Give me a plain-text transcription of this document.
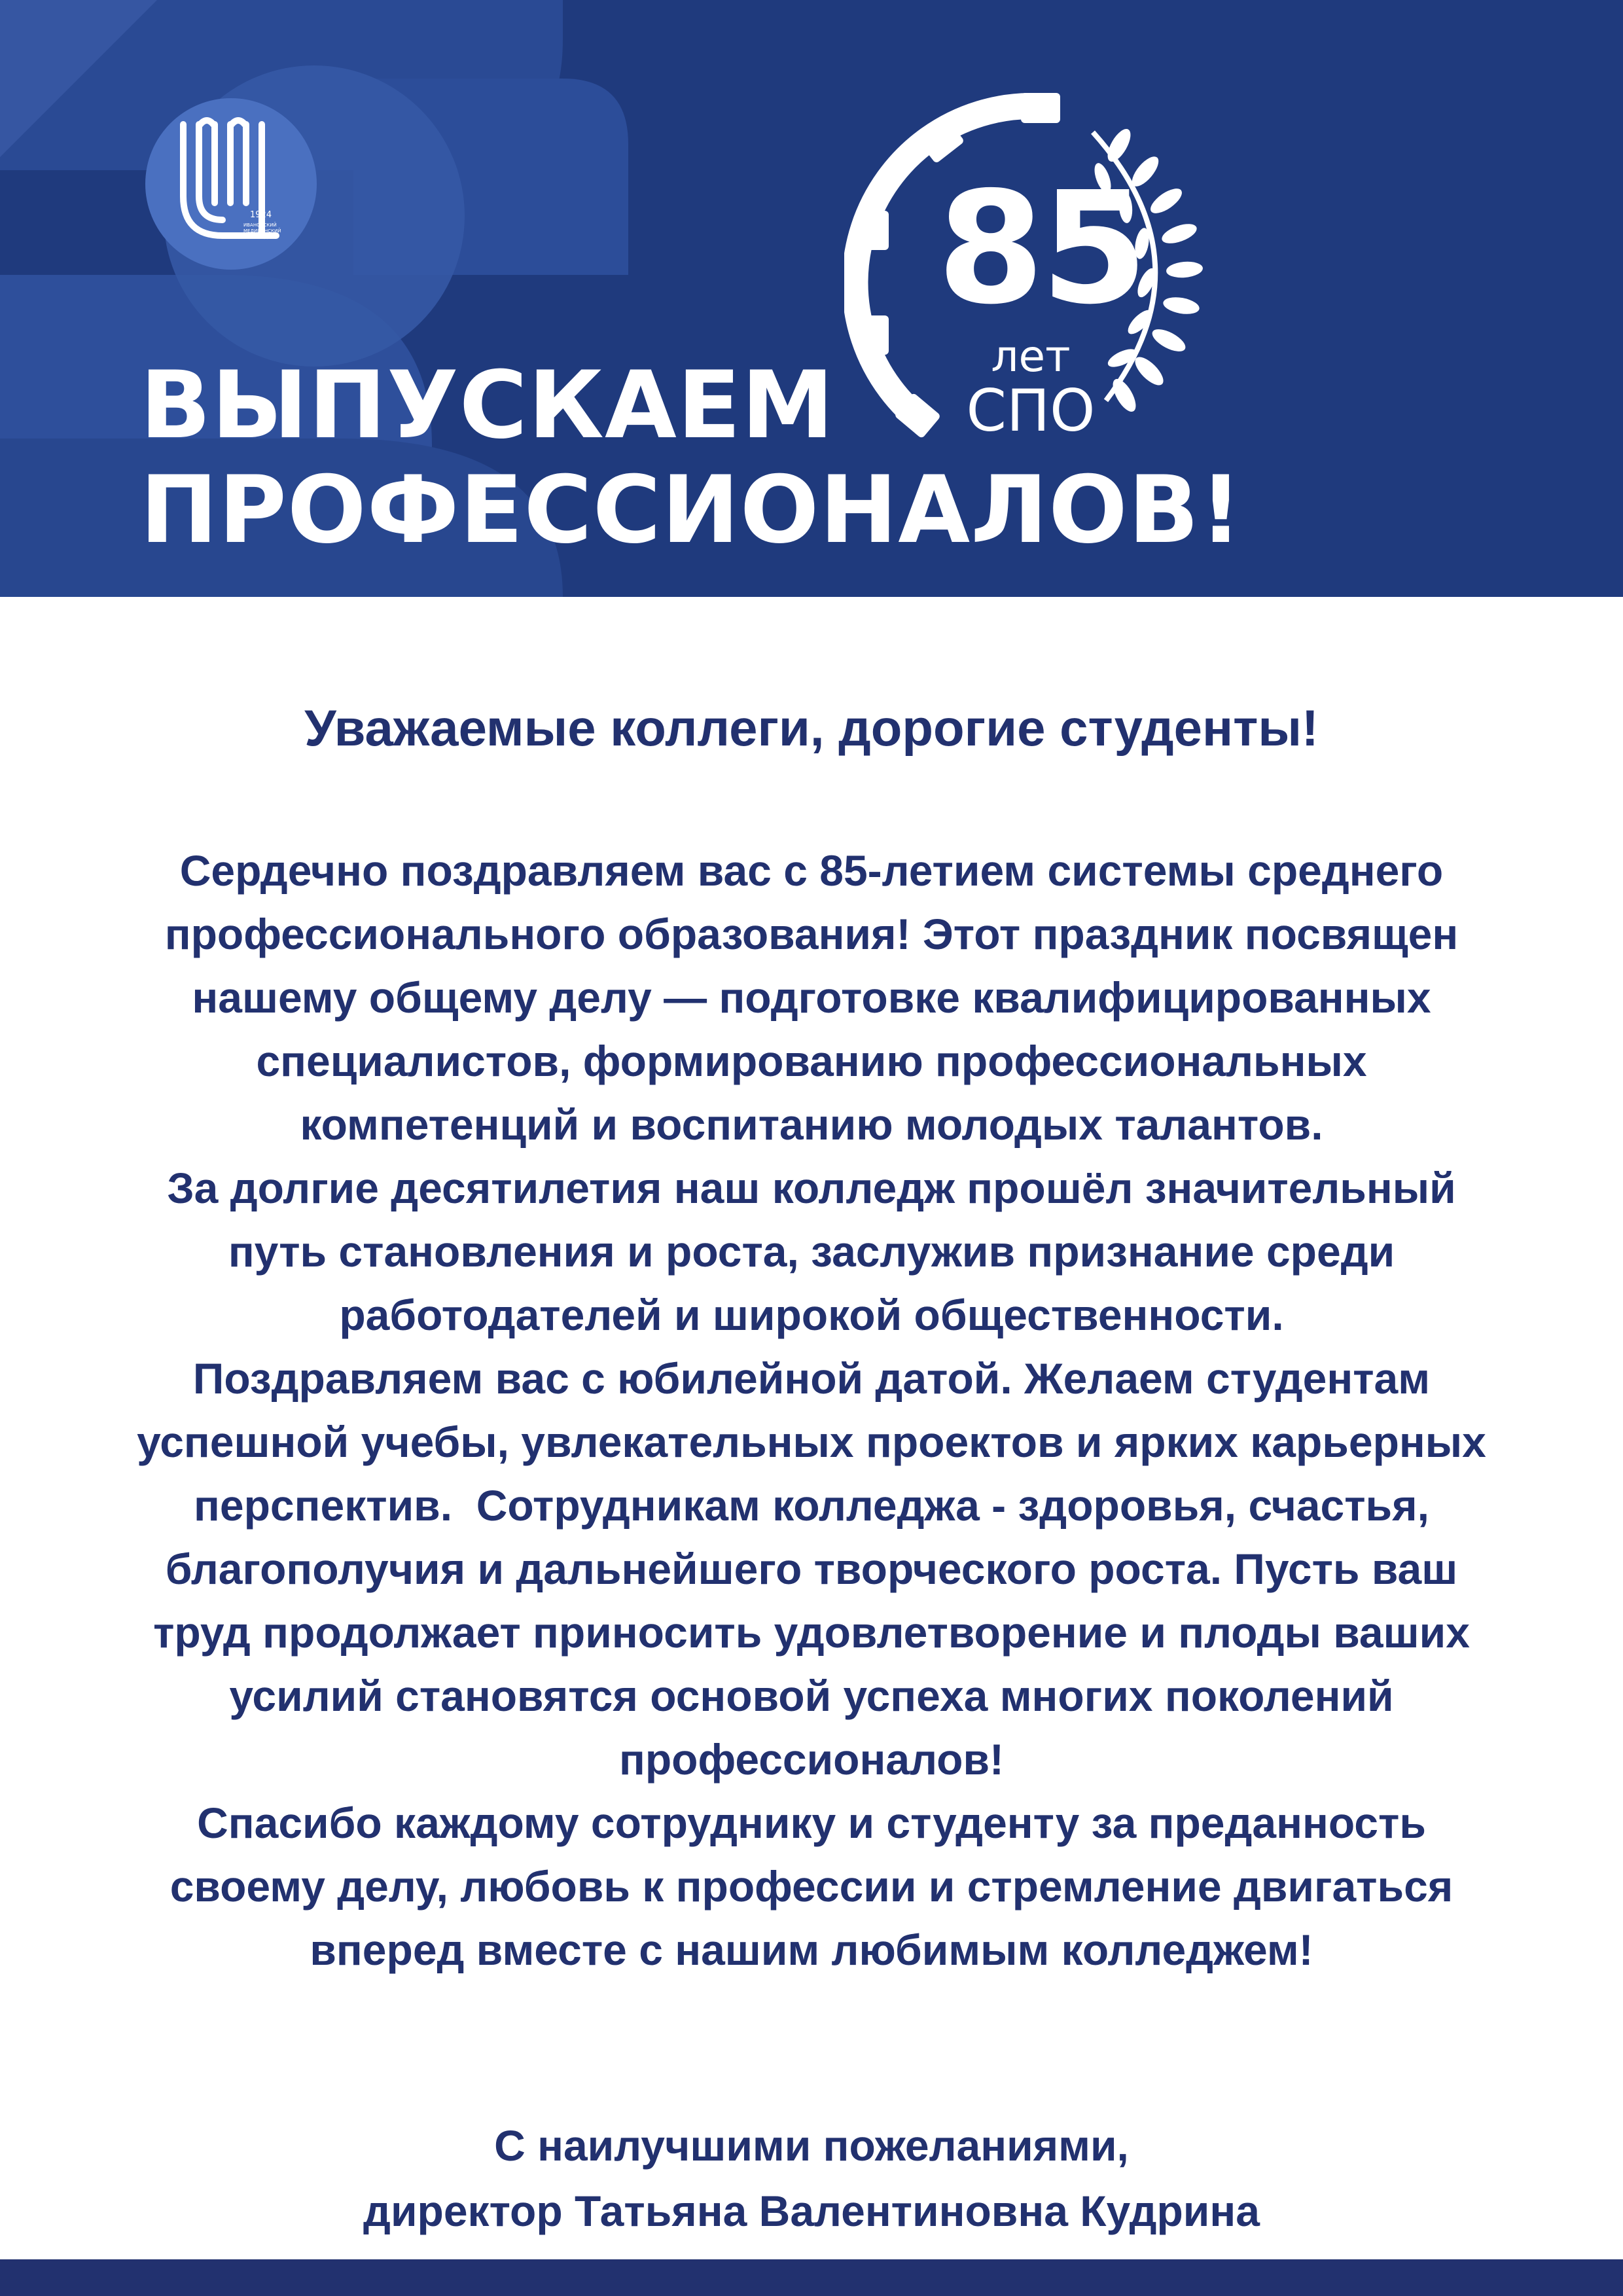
1924
ИВАНОВСКИЙ
МЕДИЦИНСКИЙ
КОЛЛЕДЖ	85
лет
СПО
ВЫПУСКАЕМ
ПРОФЕССИОНАЛОВ!
Уважаемые коллеги, дорогие студенты!

Сердечно поздравляем вас с 85-летием системы среднего

профессионального образования! Этот праздник посвящен

нашему общему делу — подготовке квалифицированных

специалистов, формированию профессиональных

компетенций и воспитанию молодых талантов.

За долгие десятилетия наш колледж прошёл значительный

путь становления и роста, заслужив признание среди

работодателей и широкой общественности.

Поздравляем вас с юбилейной датой. Желаем студентам

успешной учебы, увлекательных проектов и ярких карьерных

перспектив.  Сотрудникам колледжа - здоровья, счастья,

благополучия и дальнейшего творческого роста. Пусть ваш

труд продолжает приносить удовлетворение и плоды ваших

усилий становятся основой успеха многих поколений

профессионалов!

Спасибо каждому сотруднику и студенту за преданность

своему делу, любовь к профессии и стремление двигаться

вперед вместе с нашим любимым колледжем!

С наилучшими пожеланиями,
директор Татьяна Валентиновна Кудрина
